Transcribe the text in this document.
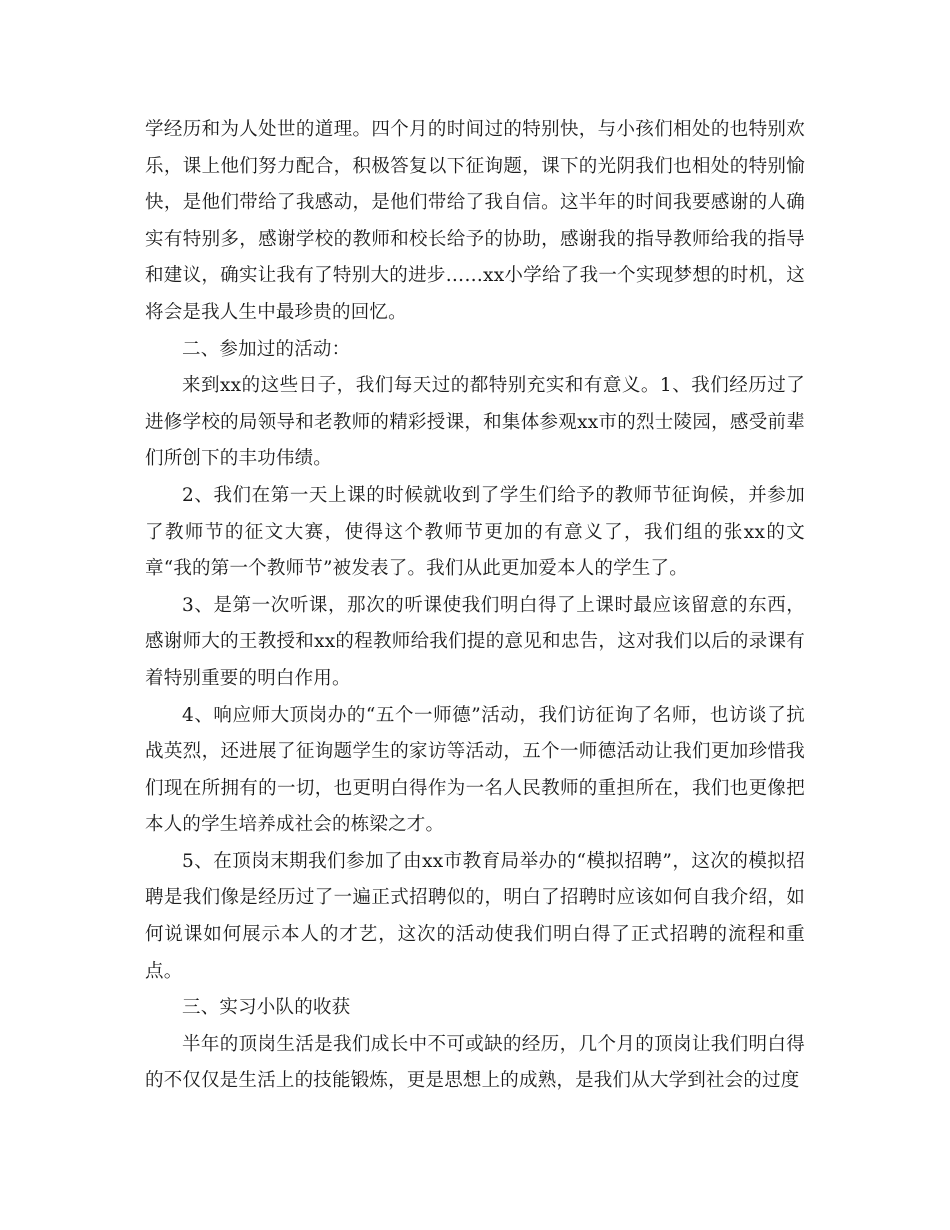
学经历和为人处世的道理。四个月的时间过的特别快，与小孩们相处的也特别欢乐，课上他们努力配合，积极答复以下征询题，课下的光阴我们也相处的特别愉快，是他们带给了我感动，是他们带给了我自信。这半年的时间我要感谢的人确实有特别多，感谢学校的教师和校长给予的协助，感谢我的指导教师给我的指导和建议，确实让我有了特别大的进步……xx小学给了我一个实现梦想的时机，这将会是我人生中最珍贵的回忆。

二、参加过的活动：

来到xx的这些日子，我们每天过的都特别充实和有意义。1、我们经历过了进修学校的局领导和老教师的精彩授课，和集体参观xx市的烈士陵园，感受前辈们所创下的丰功伟绩。

2、我们在第一天上课的时候就收到了学生们给予的教师节征询候，并参加了教师节的征文大赛，使得这个教师节更加的有意义了，我们组的张xx的文章“我的第一个教师节”被发表了。我们从此更加爱本人的学生了。

3、是第一次听课，那次的听课使我们明白得了上课时最应该留意的东西，感谢师大的王教授和xx的程教师给我们提的意见和忠告，这对我们以后的录课有着特别重要的明白作用。

4、响应师大顶岗办的“五个一师德”活动，我们访征询了名师，也访谈了抗战英烈，还进展了征询题学生的家访等活动，五个一师德活动让我们更加珍惜我们现在所拥有的一切，也更明白得作为一名人民教师的重担所在，我们也更像把本人的学生培养成社会的栋梁之才。

5、在顶岗末期我们参加了由xx市教育局举办的“模拟招聘”，这次的模拟招聘是我们像是经历过了一遍正式招聘似的，明白了招聘时应该如何自我介绍，如何说课如何展示本人的才艺，这次的活动使我们明白得了正式招聘的流程和重点。

三、实习小队的收获

半年的顶岗生活是我们成长中不可或缺的经历，几个月的顶岗让我们明白得的不仅仅是生活上的技能锻炼，更是思想上的成熟，是我们从大学到社会的过度
